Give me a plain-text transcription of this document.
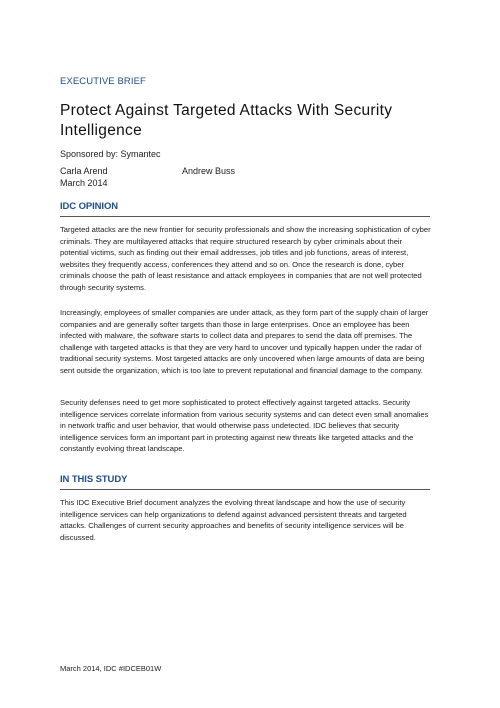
EXECUTIVE BRIEF
Protect Against Targeted Attacks With Security Intelligence
Sponsored by: Symantec
Carla Arend	Andrew Buss
March 2014
IDC OPINION

Targeted attacks are the new frontier for security professionals and show the increasing sophistication of cyber criminals. They are multilayered attacks that require structured research by cyber criminals about their potential victims, such as finding out their email addresses, job titles and job functions, areas of interest, websites they frequently access, conferences they attend and so on. Once the research is done, cyber criminals choose the path of least resistance and attack employees in companies that are not well protected through security systems.

Increasingly, employees of smaller companies are under attack, as they form part of the supply chain of larger companies and are generally softer targets than those in large enterprises. Once an employee has been infected with malware, the software starts to collect data and prepares to send the data off premises. The challenge with targeted attacks is that they are very hard to uncover und typically happen under the radar of traditional security systems. Most targeted attacks are only uncovered when large amounts of data are being sent outside the organization, which is too late to prevent reputational and financial damage to the company.

Security defenses need to get more sophisticated to protect effectively against targeted attacks. Security intelligence services correlate information from various security systems and can detect even small anomalies in network traffic and user behavior, that would otherwise pass undetected. IDC believes that security intelligence services form an important part in protecting against new threats like targeted attacks and the constantly evolving threat landscape.

IN THIS STUDY

This IDC Executive Brief document analyzes the evolving threat landscape and how the use of security intelligence services can help organizations to defend against advanced persistent threats and targeted attacks. Challenges of current security approaches and benefits of security intelligence services will be discussed.

March 2014, IDC #IDCEB01W
